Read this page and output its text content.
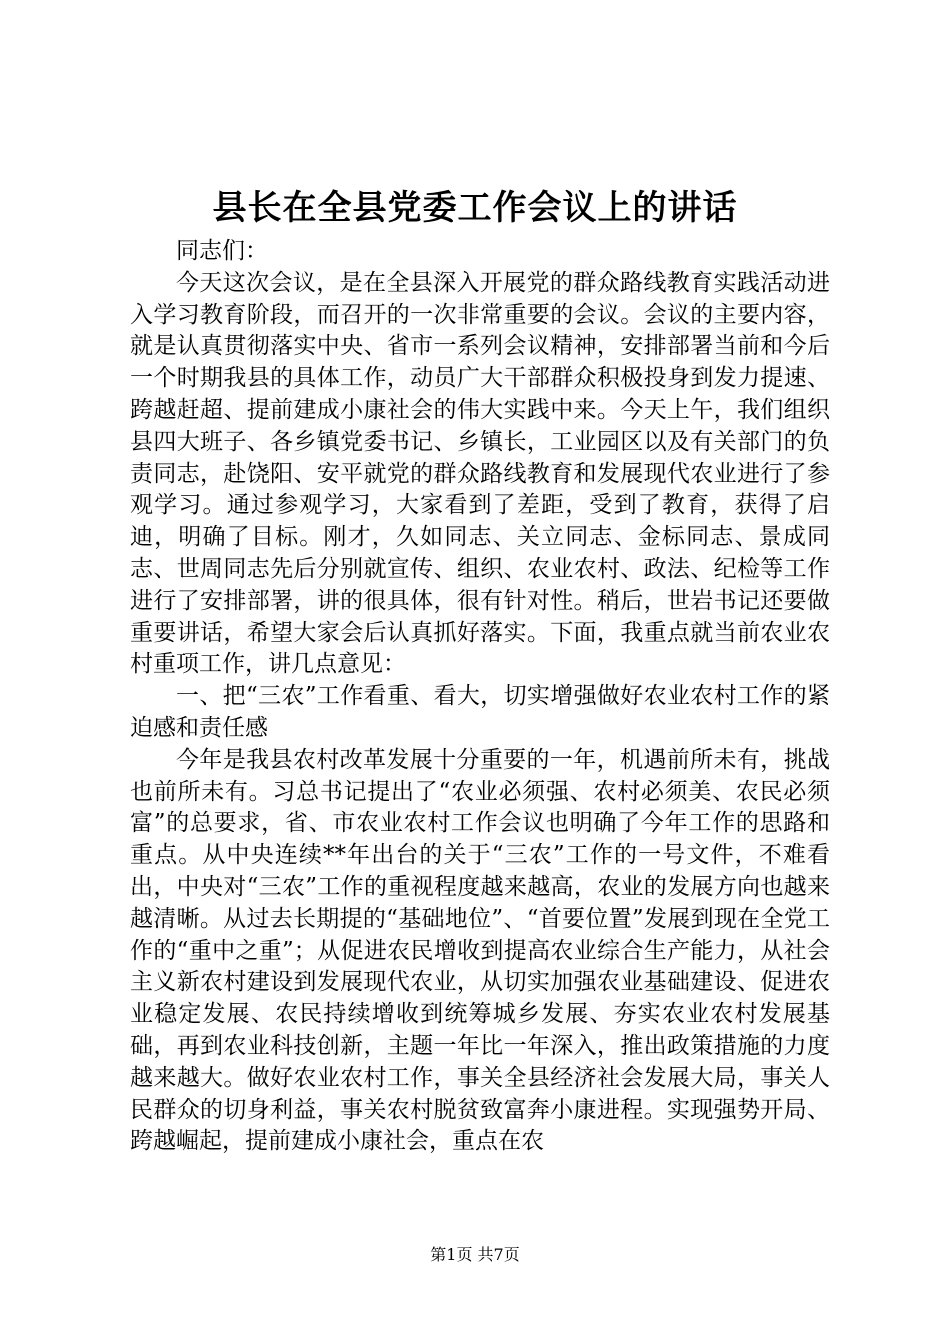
县长在全县党委工作会议上的讲话

同志们：

今天这次会议，是在全县深入开展党的群众路线教育实践活动进入学习教育阶段，而召开的一次非常重要的会议。会议的主要内容，就是认真贯彻落实中央、省市一系列会议精神，安排部署当前和今后一个时期我县的具体工作，动员广大干部群众积极投身到发力提速、跨越赶超、提前建成小康社会的伟大实践中来。今天上午，我们组织县四大班子、各乡镇党委书记、乡镇长，工业园区以及有关部门的负责同志，赴饶阳、安平就党的群众路线教育和发展现代农业进行了参观学习。通过参观学习，大家看到了差距，受到了教育，获得了启迪，明确了目标。刚才，久如同志、关立同志、金标同志、景成同志、世周同志先后分别就宣传、组织、农业农村、政法、纪检等工作进行了安排部署，讲的很具体，很有针对性。稍后，世岩书记还要做重要讲话，希望大家会后认真抓好落实。下面，我重点就当前农业农村重项工作，讲几点意见：

一、把“三农”工作看重、看大，切实增强做好农业农村工作的紧迫感和责任感

今年是我县农村改革发展十分重要的一年，机遇前所未有，挑战也前所未有。习总书记提出了“农业必须强、农村必须美、农民必须富”的总要求，省、市农业农村工作会议也明确了今年工作的思路和重点。从中央连续**年出台的关于“三农”工作的一号文件，不难看出，中央对“三农”工作的重视程度越来越高，农业的发展方向也越来越清晰。从过去长期提的“基础地位”、“首要位置”发展到现在全党工作的“重中之重”；从促进农民增收到提高农业综合生产能力，从社会主义新农村建设到发展现代农业，从切实加强农业基础建设、促进农业稳定发展、农民持续增收到统筹城乡发展、夯实农业农村发展基础，再到农业科技创新，主题一年比一年深入，推出政策措施的力度越来越大。做好农业农村工作，事关全县经济社会发展大局，事关人民群众的切身利益，事关农村脱贫致富奔小康进程。实现强势开局、跨越崛起，提前建成小康社会，重点在农

第1页 共7页
